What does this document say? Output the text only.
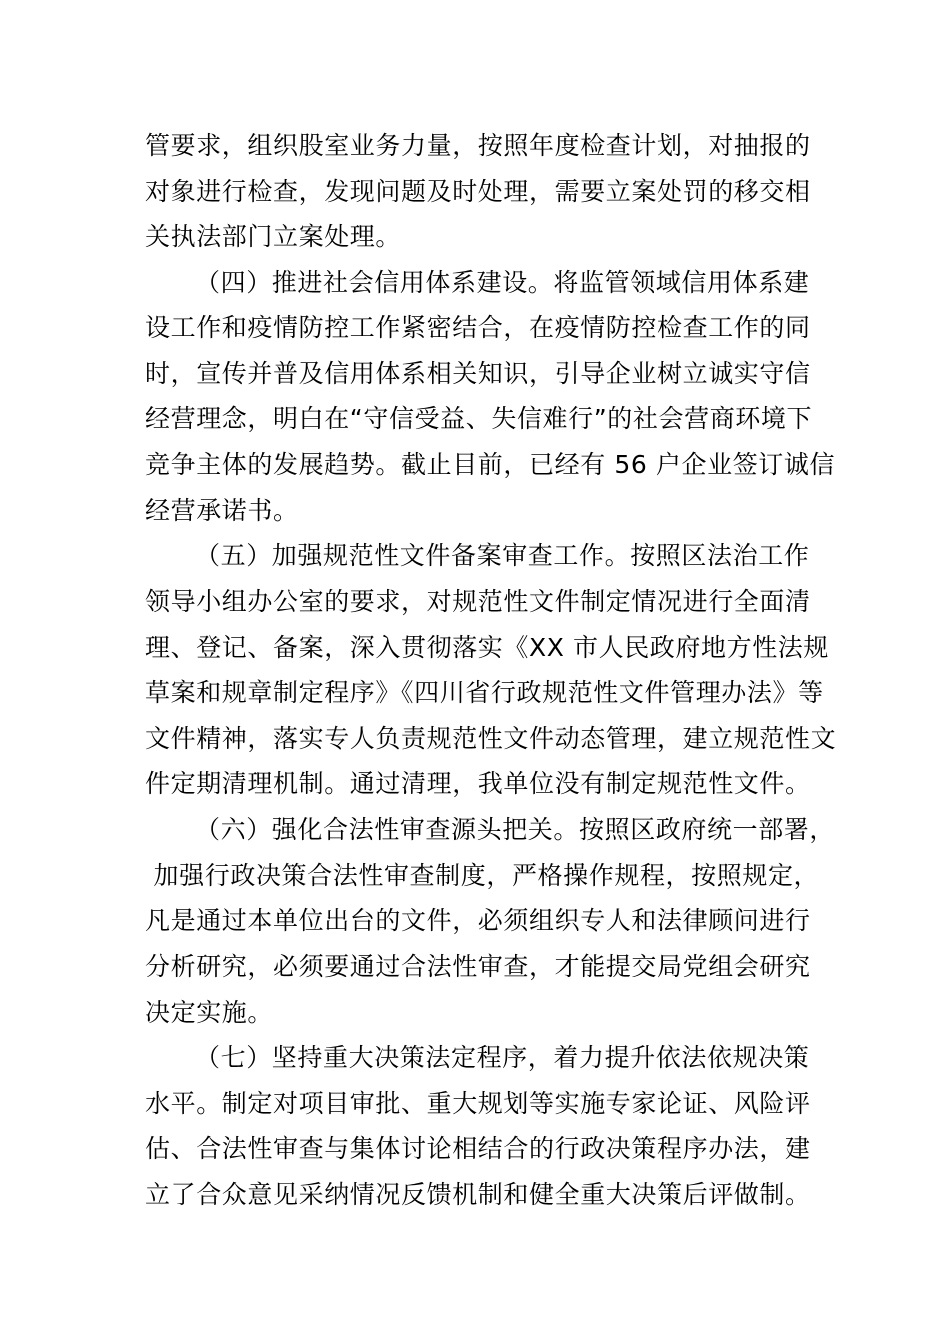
管要求，组织股室业务力量，按照年度检查计划，对抽报的

对象进行检查，发现问题及时处理，需要立案处罚的移交相

关执法部门立案处理。

（四）推进社会信用体系建设。将监管领域信用体系建

设工作和疫情防控工作紧密结合，在疫情防控检查工作的同

时，宣传并普及信用体系相关知识，引导企业树立诚实守信

经营理念，明白在“守信受益、失信难行”的社会营商环境下

竞争主体的发展趋势。截止目前，已经有 56 户企业签订诚信

经营承诺书。

（五）加强规范性文件备案审查工作。按照区法治工作

领导小组办公室的要求，对规范性文件制定情况进行全面清

理、登记、备案，深入贯彻落实《XX 市人民政府地方性法规

草案和规章制定程序》《四川省行政规范性文件管理办法》等

文件精神，落实专人负责规范性文件动态管理，建立规范性文

件定期清理机制。通过清理，我单位没有制定规范性文件。

（六）强化合法性审查源头把关。按照区政府统一部署，

加强行政决策合法性审查制度，严格操作规程，按照规定，

凡是通过本单位出台的文件，必须组织专人和法律顾问进行

分析研究，必须要通过合法性审查，才能提交局党组会研究

决定实施。

（七）坚持重大决策法定程序，着力提升依法依规决策

水平。制定对项目审批、重大规划等实施专家论证、风险评

估、合法性审查与集体讨论相结合的行政决策程序办法，建

立了合众意见采纳情况反馈机制和健全重大决策后评做制。
